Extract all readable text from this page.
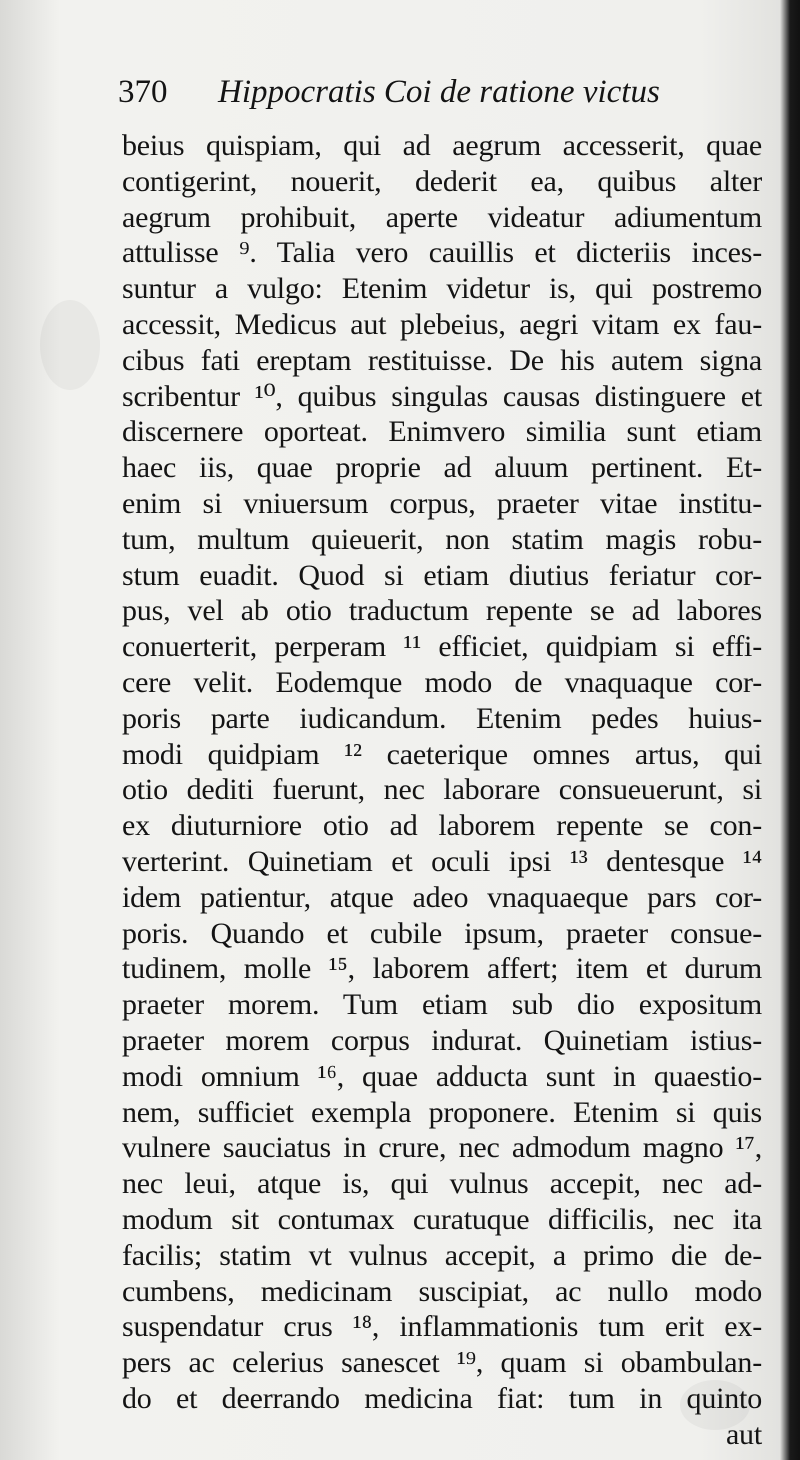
370 Hippocratis Coi de ratione victus
beius quispiam, qui ad aegrum accesserit, quae
contigerint, nouerit, dederit ea, quibus alter
aegrum prohibuit, aperte videatur adiumentum
attulisse ⁹. Talia vero cauillis et dicteriis inces-
suntur a vulgo: Etenim videtur is, qui postremo
accessit, Medicus aut plebeius, aegri vitam ex fau-
cibus fati ereptam restituisse. De his autem signa
scribentur ¹⁰, quibus singulas causas distinguere et
discernere oporteat. Enimvero similia sunt etiam
haec iis, quae proprie ad aluum pertinent. Et-
enim si vniuersum corpus, praeter vitae institu-
tum, multum quieuerit, non statim magis robu-
stum euadit. Quod si etiam diutius feriatur cor-
pus, vel ab otio traductum repente se ad labores
conuerterit, perperam ¹¹ efficiet, quidpiam si effi-
cere velit. Eodemque modo de vnaquaque cor-
poris parte iudicandum. Etenim pedes huius-
modi quidpiam ¹² caeterique omnes artus, qui
otio dediti fuerunt, nec laborare consueuerunt, si
ex diuturniore otio ad laborem repente se con-
verterint. Quinetiam et oculi ipsi ¹³ dentesque ¹⁴
idem patientur, atque adeo vnaquaeque pars cor-
poris. Quando et cubile ipsum, praeter consue-
tudinem, molle ¹⁵, laborem affert; item et durum
praeter morem. Tum etiam sub dio expositum
praeter morem corpus indurat. Quinetiam istius-
modi omnium ¹⁶, quae adducta sunt in quaestio-
nem, sufficiet exempla proponere. Etenim si quis
vulnere sauciatus in crure, nec admodum magno ¹⁷,
nec leui, atque is, qui vulnus accepit, nec ad-
modum sit contumax curatuque difficilis, nec ita
facilis; statim vt vulnus accepit, a primo die de-
cumbens, medicinam suscipiat, ac nullo modo
suspendatur crus ¹⁸, inflammationis tum erit ex-
pers ac celerius sanescet ¹⁹, quam si obambulan-
do et deerrando medicina fiat: tum in quinto
aut
